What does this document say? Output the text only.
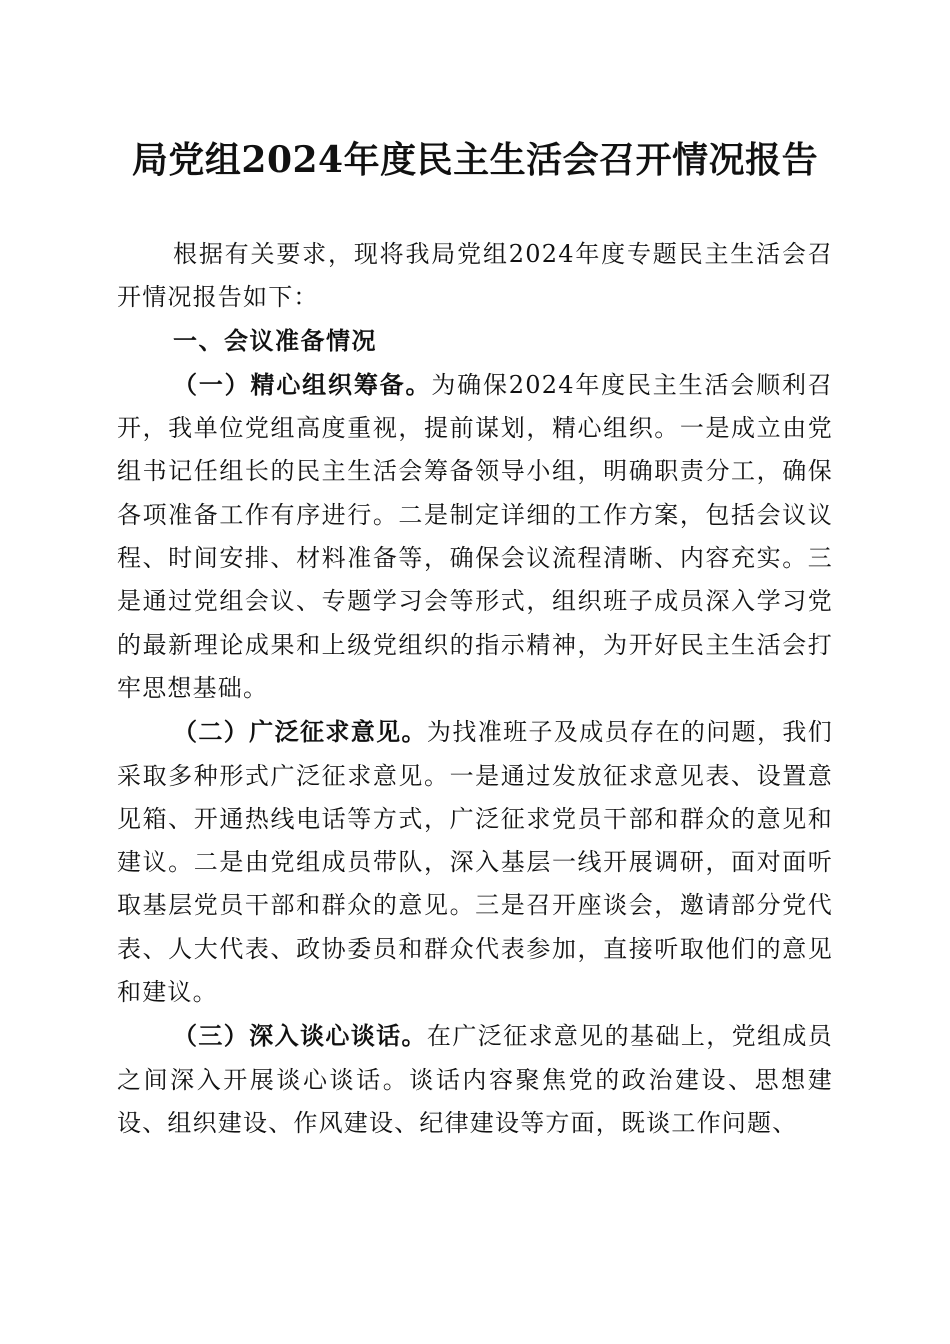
局党组2024年度民主生活会召开情况报告

根据有关要求，现将我局党组2024年度专题民主生活会召开情况报告如下：

一、会议准备情况

（一）精心组织筹备。为确保2024年度民主生活会顺利召开，我单位党组高度重视，提前谋划，精心组织。一是成立由党组书记任组长的民主生活会筹备领导小组，明确职责分工，确保各项准备工作有序进行。二是制定详细的工作方案，包括会议议程、时间安排、材料准备等，确保会议流程清晰、内容充实。三是通过党组会议、专题学习会等形式，组织班子成员深入学习党的最新理论成果和上级党组织的指示精神，为开好民主生活会打牢思想基础。

（二）广泛征求意见。为找准班子及成员存在的问题，我们采取多种形式广泛征求意见。一是通过发放征求意见表、设置意见箱、开通热线电话等方式，广泛征求党员干部和群众的意见和建议。二是由党组成员带队，深入基层一线开展调研，面对面听取基层党员干部和群众的意见。三是召开座谈会，邀请部分党代表、人大代表、政协委员和群众代表参加，直接听取他们的意见和建议。

（三）深入谈心谈话。在广泛征求意见的基础上，党组成员之间深入开展谈心谈话。谈话内容聚焦党的政治建设、思想建设、组织建设、作风建设、纪律建设等方面，既谈工作问题、
